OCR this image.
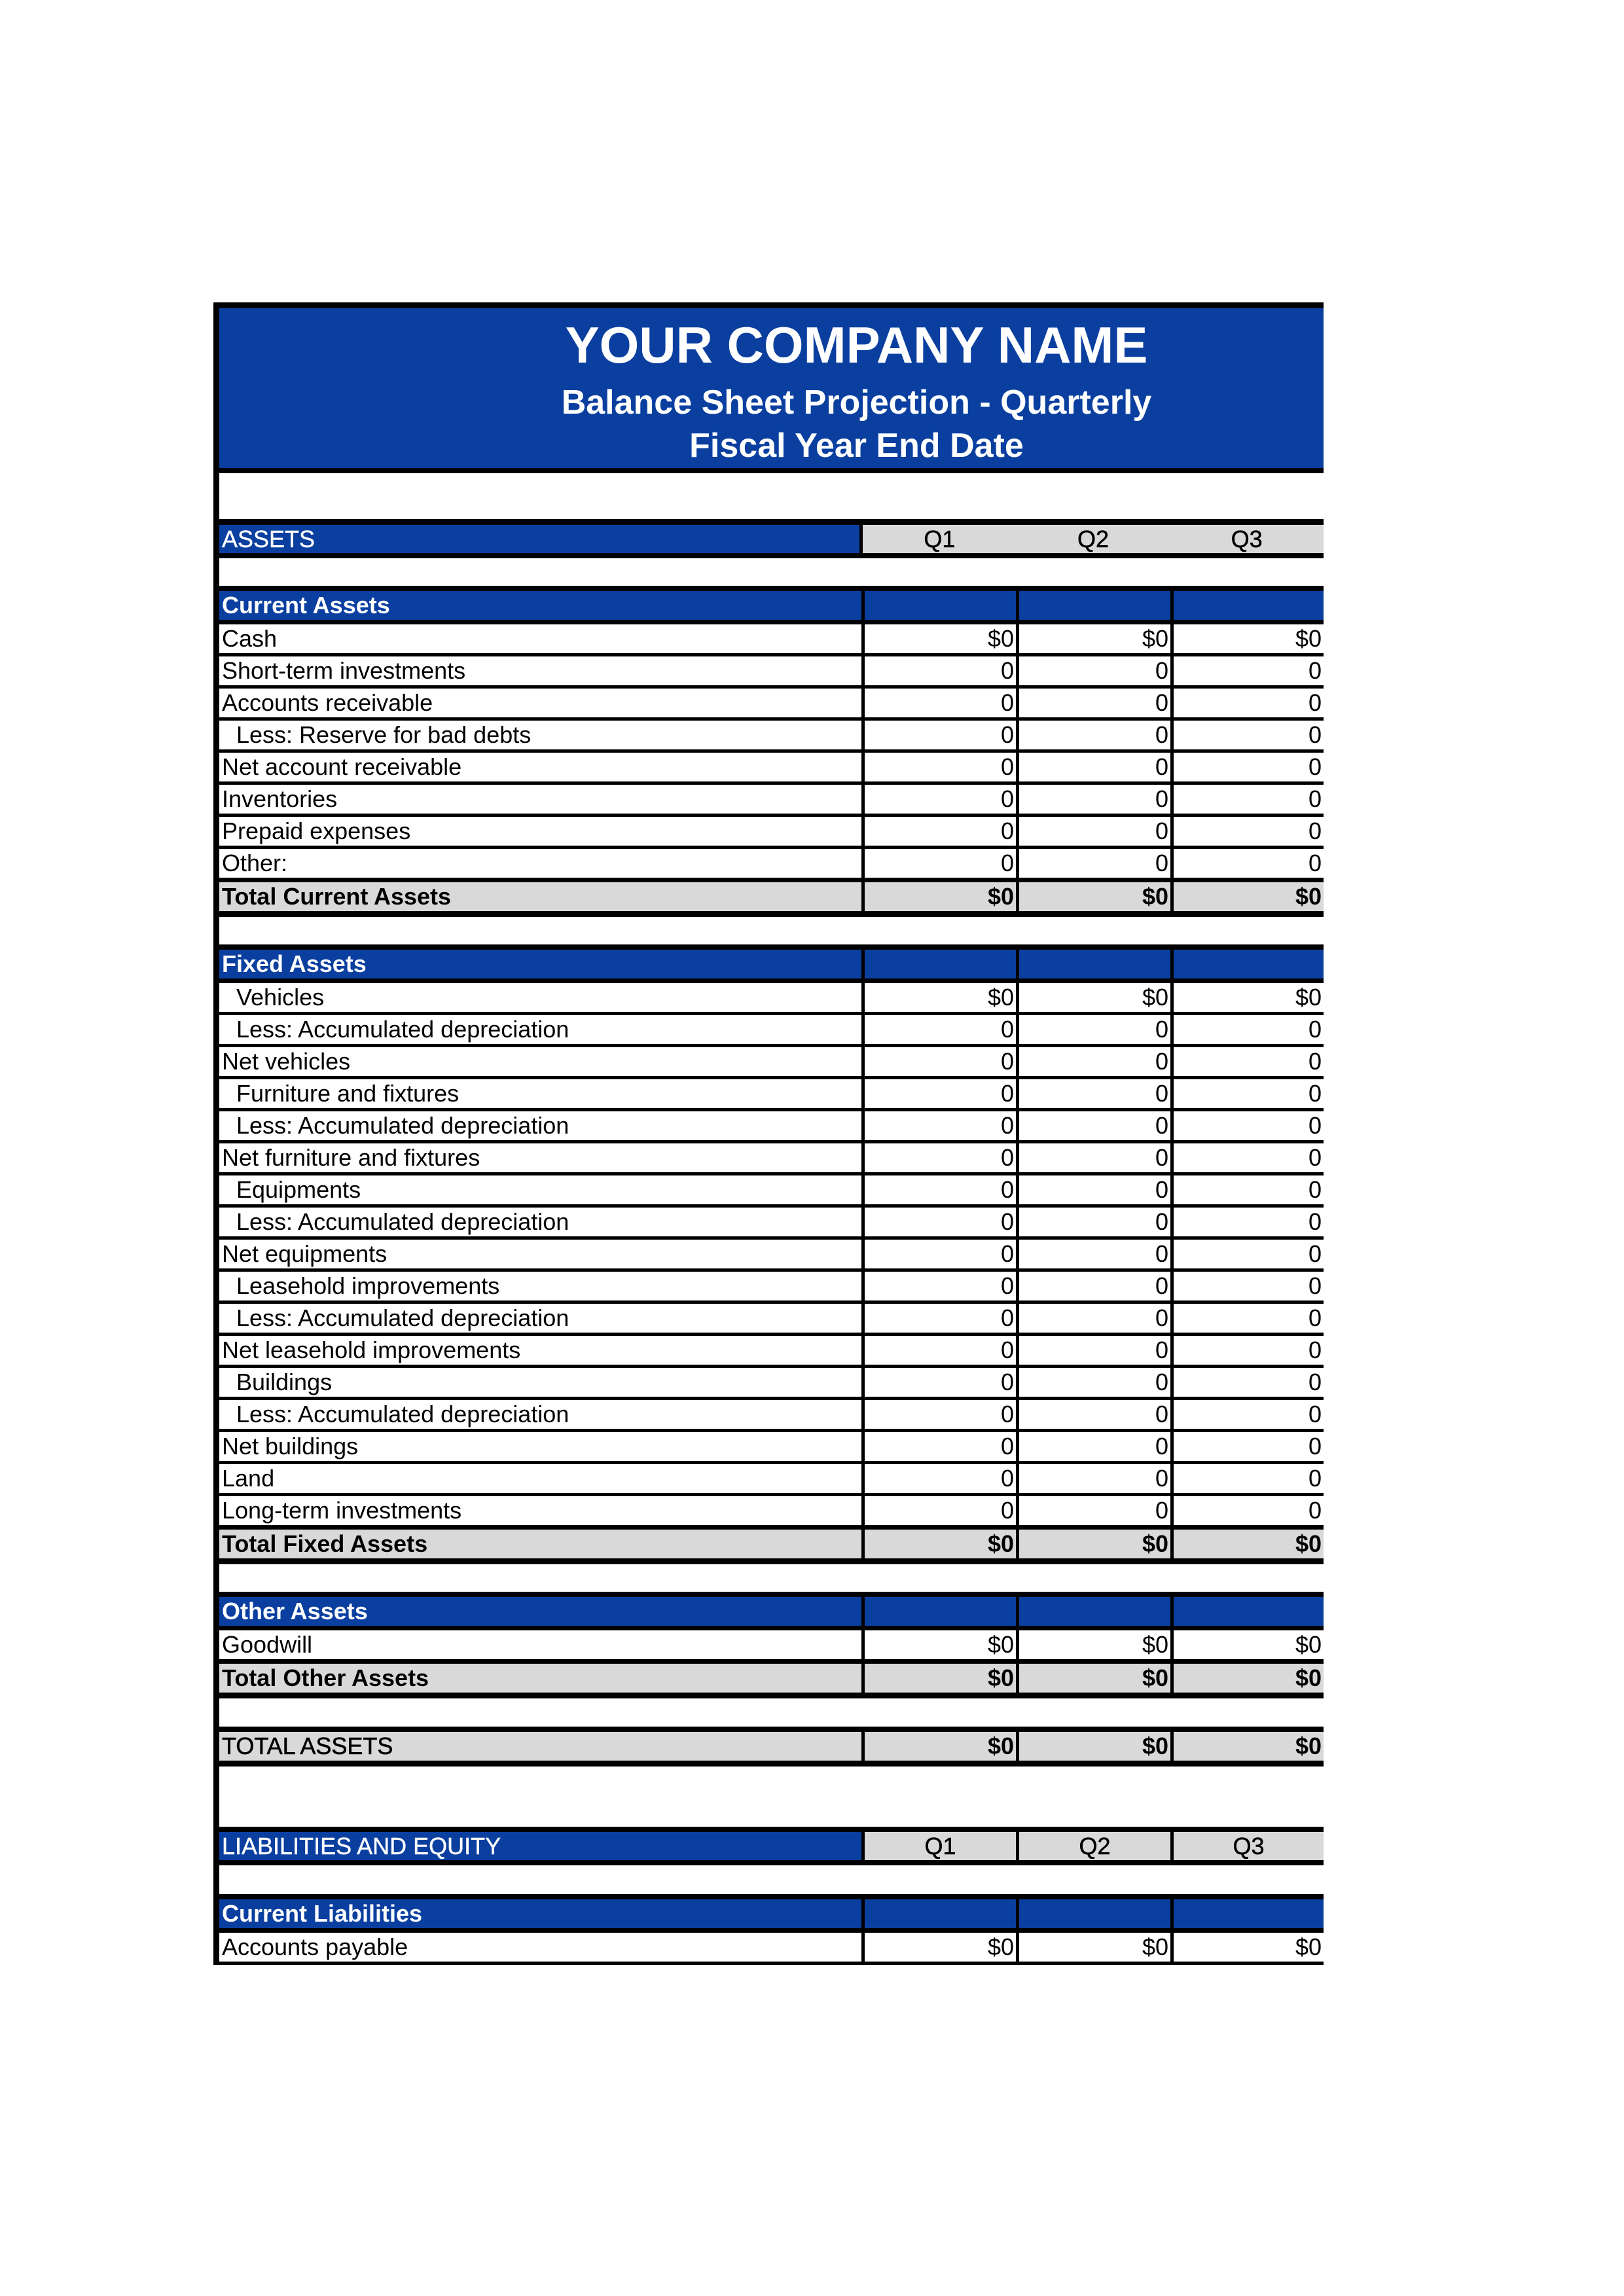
YOUR COMPANY NAME
Balance Sheet Projection - Quarterly
Fiscal Year End Date
ASSETS	Q1	Q2	Q3
Current Assets
Cash	$0	$0	$0
Short-term investments	0	0	0
Accounts receivable	0	0	0
Less: Reserve for bad debts	0	0	0
Net account receivable	0	0	0
Inventories	0	0	0
Prepaid expenses	0	0	0
Other:	0	0	0
Total Current Assets	$0	$0	$0
Fixed Assets
Vehicles	$0	$0	$0
Less: Accumulated depreciation	0	0	0
Net vehicles	0	0	0
Furniture and fixtures	0	0	0
Less: Accumulated depreciation	0	0	0
Net furniture and fixtures	0	0	0
Equipments	0	0	0
Less: Accumulated depreciation	0	0	0
Net equipments	0	0	0
Leasehold improvements	0	0	0
Less: Accumulated depreciation	0	0	0
Net leasehold improvements	0	0	0
Buildings	0	0	0
Less: Accumulated depreciation	0	0	0
Net buildings	0	0	0
Land	0	0	0
Long-term investments	0	0	0
Total Fixed Assets	$0	$0	$0
Other Assets
Goodwill	$0	$0	$0
Total Other Assets	$0	$0	$0
TOTAL ASSETS	$0	$0	$0
LIABILITIES AND EQUITY	Q1	Q2	Q3
Current Liabilities
Accounts payable	$0	$0	$0
